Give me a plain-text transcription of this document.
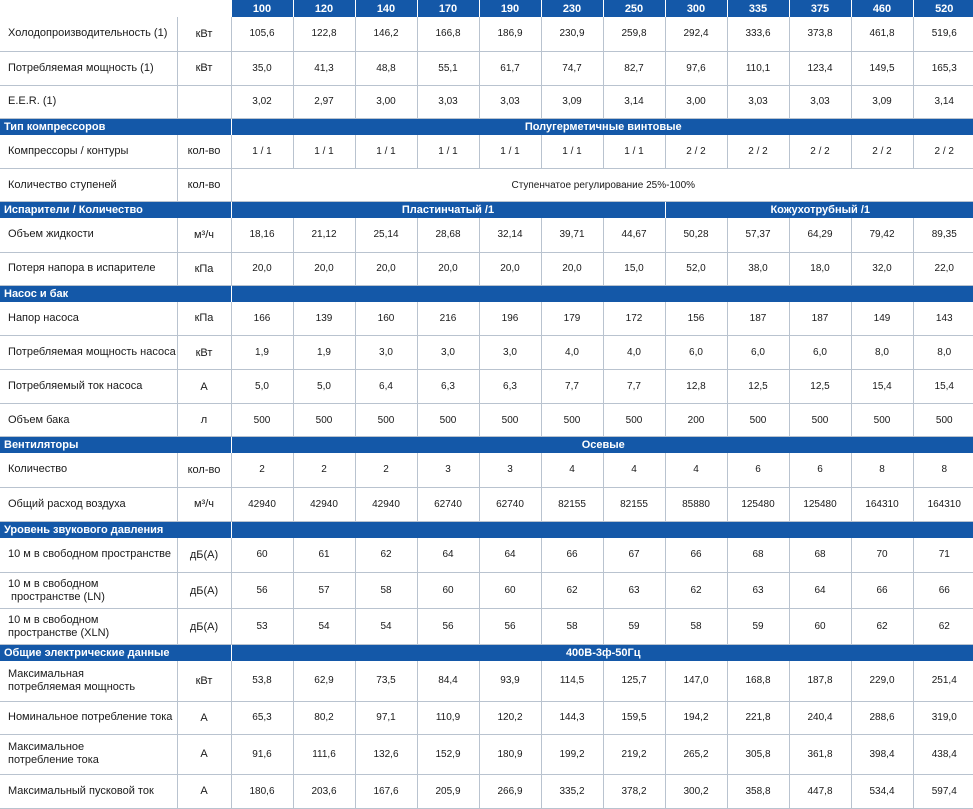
		100	120	140	170	190	230	250	300	335	375	460	520
Холодопроизводительность (1)	кВт	105,6	122,8	146,2	166,8	186,9	230,9	259,8	292,4	333,6	373,8	461,8	519,6
Потребляемая мощность (1)	кВт	35,0	41,3	48,8	55,1	61,7	74,7	82,7	97,6	110,1	123,4	149,5	165,3
E.E.R. (1)		3,02	2,97	3,00	3,03	3,03	3,09	3,14	3,00	3,03	3,03	3,09	3,14
Тип компрессоров		Полугерметичные винтовые											
Компрессоры / контуры	кол-во	1 / 1	1 / 1	1 / 1	1 / 1	1 / 1	1 / 1	1 / 1	2 / 2	2 / 2	2 / 2	2 / 2	2 / 2
Количество ступеней	кол-во	Ступенчатое регулирование 25%-100%											
Испарители / Количество		Пластинчатый /1							Кожухотрубный /1				
Объем жидкости	м³/ч	18,16	21,12	25,14	28,68	32,14	39,71	44,67	50,28	57,37	64,29	79,42	89,35
Потеря напора в испарителе	кПа	20,0	20,0	20,0	20,0	20,0	20,0	15,0	52,0	38,0	18,0	32,0	22,0
Насос и бак													
Напор насоса	кПа	166	139	160	216	196	179	172	156	187	187	149	143
Потребляемая мощность насоса	кВт	1,9	1,9	3,0	3,0	3,0	4,0	4,0	6,0	6,0	6,0	8,0	8,0
Потребляемый ток насоса	А	5,0	5,0	6,4	6,3	6,3	7,7	7,7	12,8	12,5	12,5	15,4	15,4
Объем бака	л	500	500	500	500	500	500	500	200	500	500	500	500
Вентиляторы		Осевые											
Количество	кол-во	2	2	2	3	3	4	4	4	6	6	8	8
Общий расход воздуха	м³/ч	42940	42940	42940	62740	62740	82155	82155	85880	125480	125480	164310	164310
Уровень звукового давления													
10 м в свободном пространстве	дБ(А)	60	61	62	64	64	66	67	66	68	68	70	71
10 м в свободном
пространстве (LN)	дБ(А)	56	57	58	60	60	62	63	62	63	64	66	66
10 м в свободном
пространстве (XLN)	дБ(А)	53	54	54	56	56	58	59	58	59	60	62	62
Общие электрические данные		400В-3ф-50Гц											
Максимальная
потребляемая мощность	кВт	53,8	62,9	73,5	84,4	93,9	114,5	125,7	147,0	168,8	187,8	229,0	251,4
Номинальное потребление тока	А	65,3	80,2	97,1	110,9	120,2	144,3	159,5	194,2	221,8	240,4	288,6	319,0
Максимальное
потребление тока	А	91,6	111,6	132,6	152,9	180,9	199,2	219,2	265,2	305,8	361,8	398,4	438,4
Максимальный пусковой ток	А	180,6	203,6	167,6	205,9	266,9	335,2	378,2	300,2	358,8	447,8	534,4	597,4
